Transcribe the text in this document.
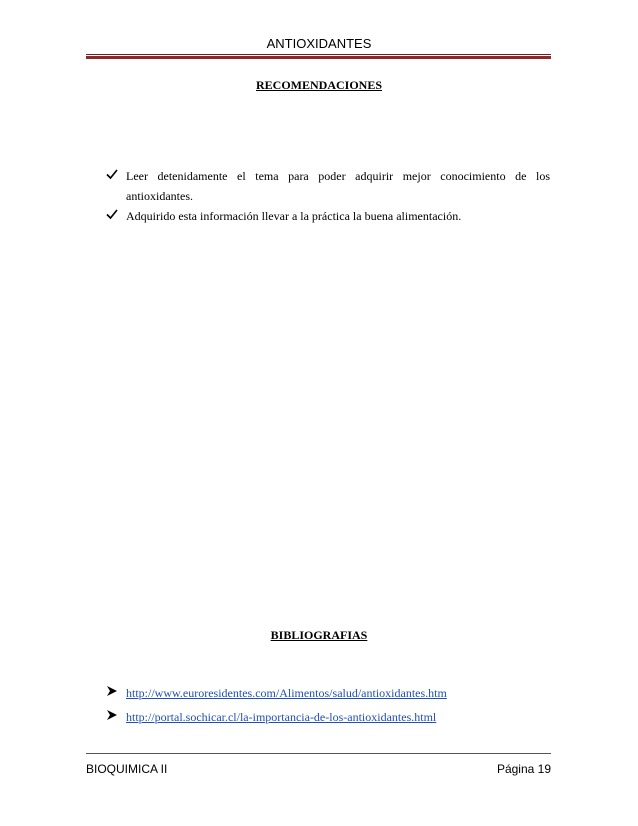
ANTIOXIDANTES
RECOMENDACIONES
Leer detenidamente el tema para poder adquirir mejor conocimiento de los antioxidantes.
Adquirido esta información llevar a la práctica la buena alimentación.
BIBLIOGRAFIAS
http://www.euroresidentes.com/Alimentos/salud/antioxidantes.htm
http://portal.sochicar.cl/la-importancia-de-los-antioxidantes.html
BIOQUIMICA II	Página 19
